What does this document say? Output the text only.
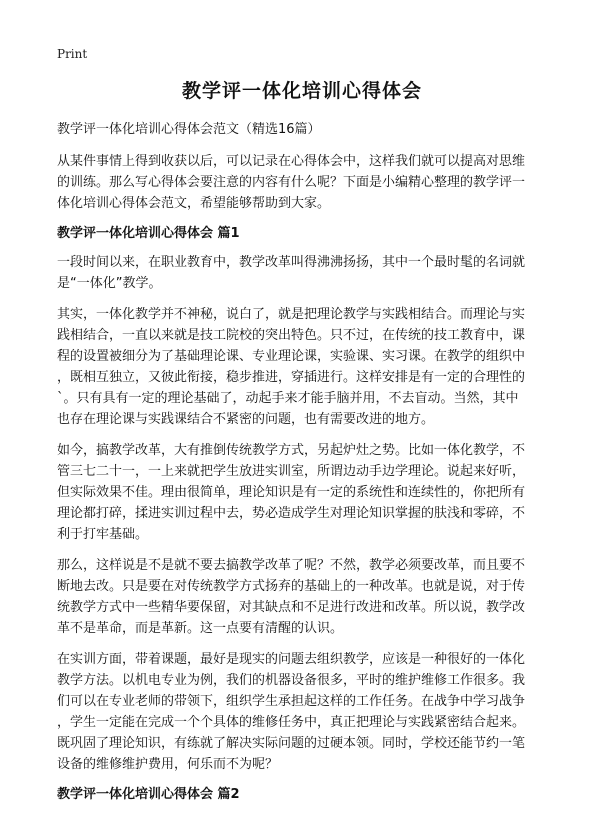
Print
教学评一体化培训心得体会

教学评一体化培训心得体会范文（精选16篇）

从某件事情上得到收获以后，可以记录在心得体会中，这样我们就可以提高对思维
的训练。那么写心得体会要注意的内容有什么呢？下面是小编精心整理的教学评一
体化培训心得体会范文，希望能够帮助到大家。

教学评一体化培训心得体会 篇1

一段时间以来，在职业教育中，教学改革叫得沸沸扬扬，其中一个最时髦的名词就
是“一体化”教学。

其实，一体化教学并不神秘，说白了，就是把理论教学与实践相结合。而理论与实
践相结合，一直以来就是技工院校的突出特色。只不过，在传统的技工教育中，课
程的设置被细分为了基础理论课、专业理论课，实验课、实习课。在教学的组织中
，既相互独立，又彼此衔接，稳步推进，穿插进行。这样安排是有一定的合理性的
`。只有具有一定的理论基础了，动起手来才能手脑并用，不去盲动。当然，其中
也存在理论课与实践课结合不紧密的问题，也有需要改进的地方。

如今，搞教学改革，大有推倒传统教学方式，另起炉灶之势。比如一体化教学，不
管三七二十一，一上来就把学生放进实训室，所谓边动手边学理论。说起来好听，
但实际效果不佳。理由很简单，理论知识是有一定的系统性和连续性的，你把所有
理论都打碎，揉进实训过程中去，势必造成学生对理论知识掌握的肤浅和零碎，不
利于打牢基础。

那么，这样说是不是就不要去搞教学改革了呢？不然，教学必须要改革，而且要不
断地去改。只是要在对传统教学方式扬弃的基础上的一种改革。也就是说，对于传
统教学方式中一些精华要保留，对其缺点和不足进行改进和改革。所以说，教学改
革不是革命，而是革新。这一点要有清醒的认识。

在实训方面，带着课题，最好是现实的问题去组织教学，应该是一种很好的一体化
教学方法。以机电专业为例，我们的机器设备很多，平时的维护维修工作很多。我
们可以在专业老师的带领下，组织学生承担起这样的工作任务。在战争中学习战争
，学生一定能在完成一个个具体的维修任务中，真正把理论与实践紧密结合起来。
既巩固了理论知识，有练就了解决实际问题的过硬本领。同时，学校还能节约一笔
设备的维修维护费用，何乐而不为呢？

教学评一体化培训心得体会 篇2
